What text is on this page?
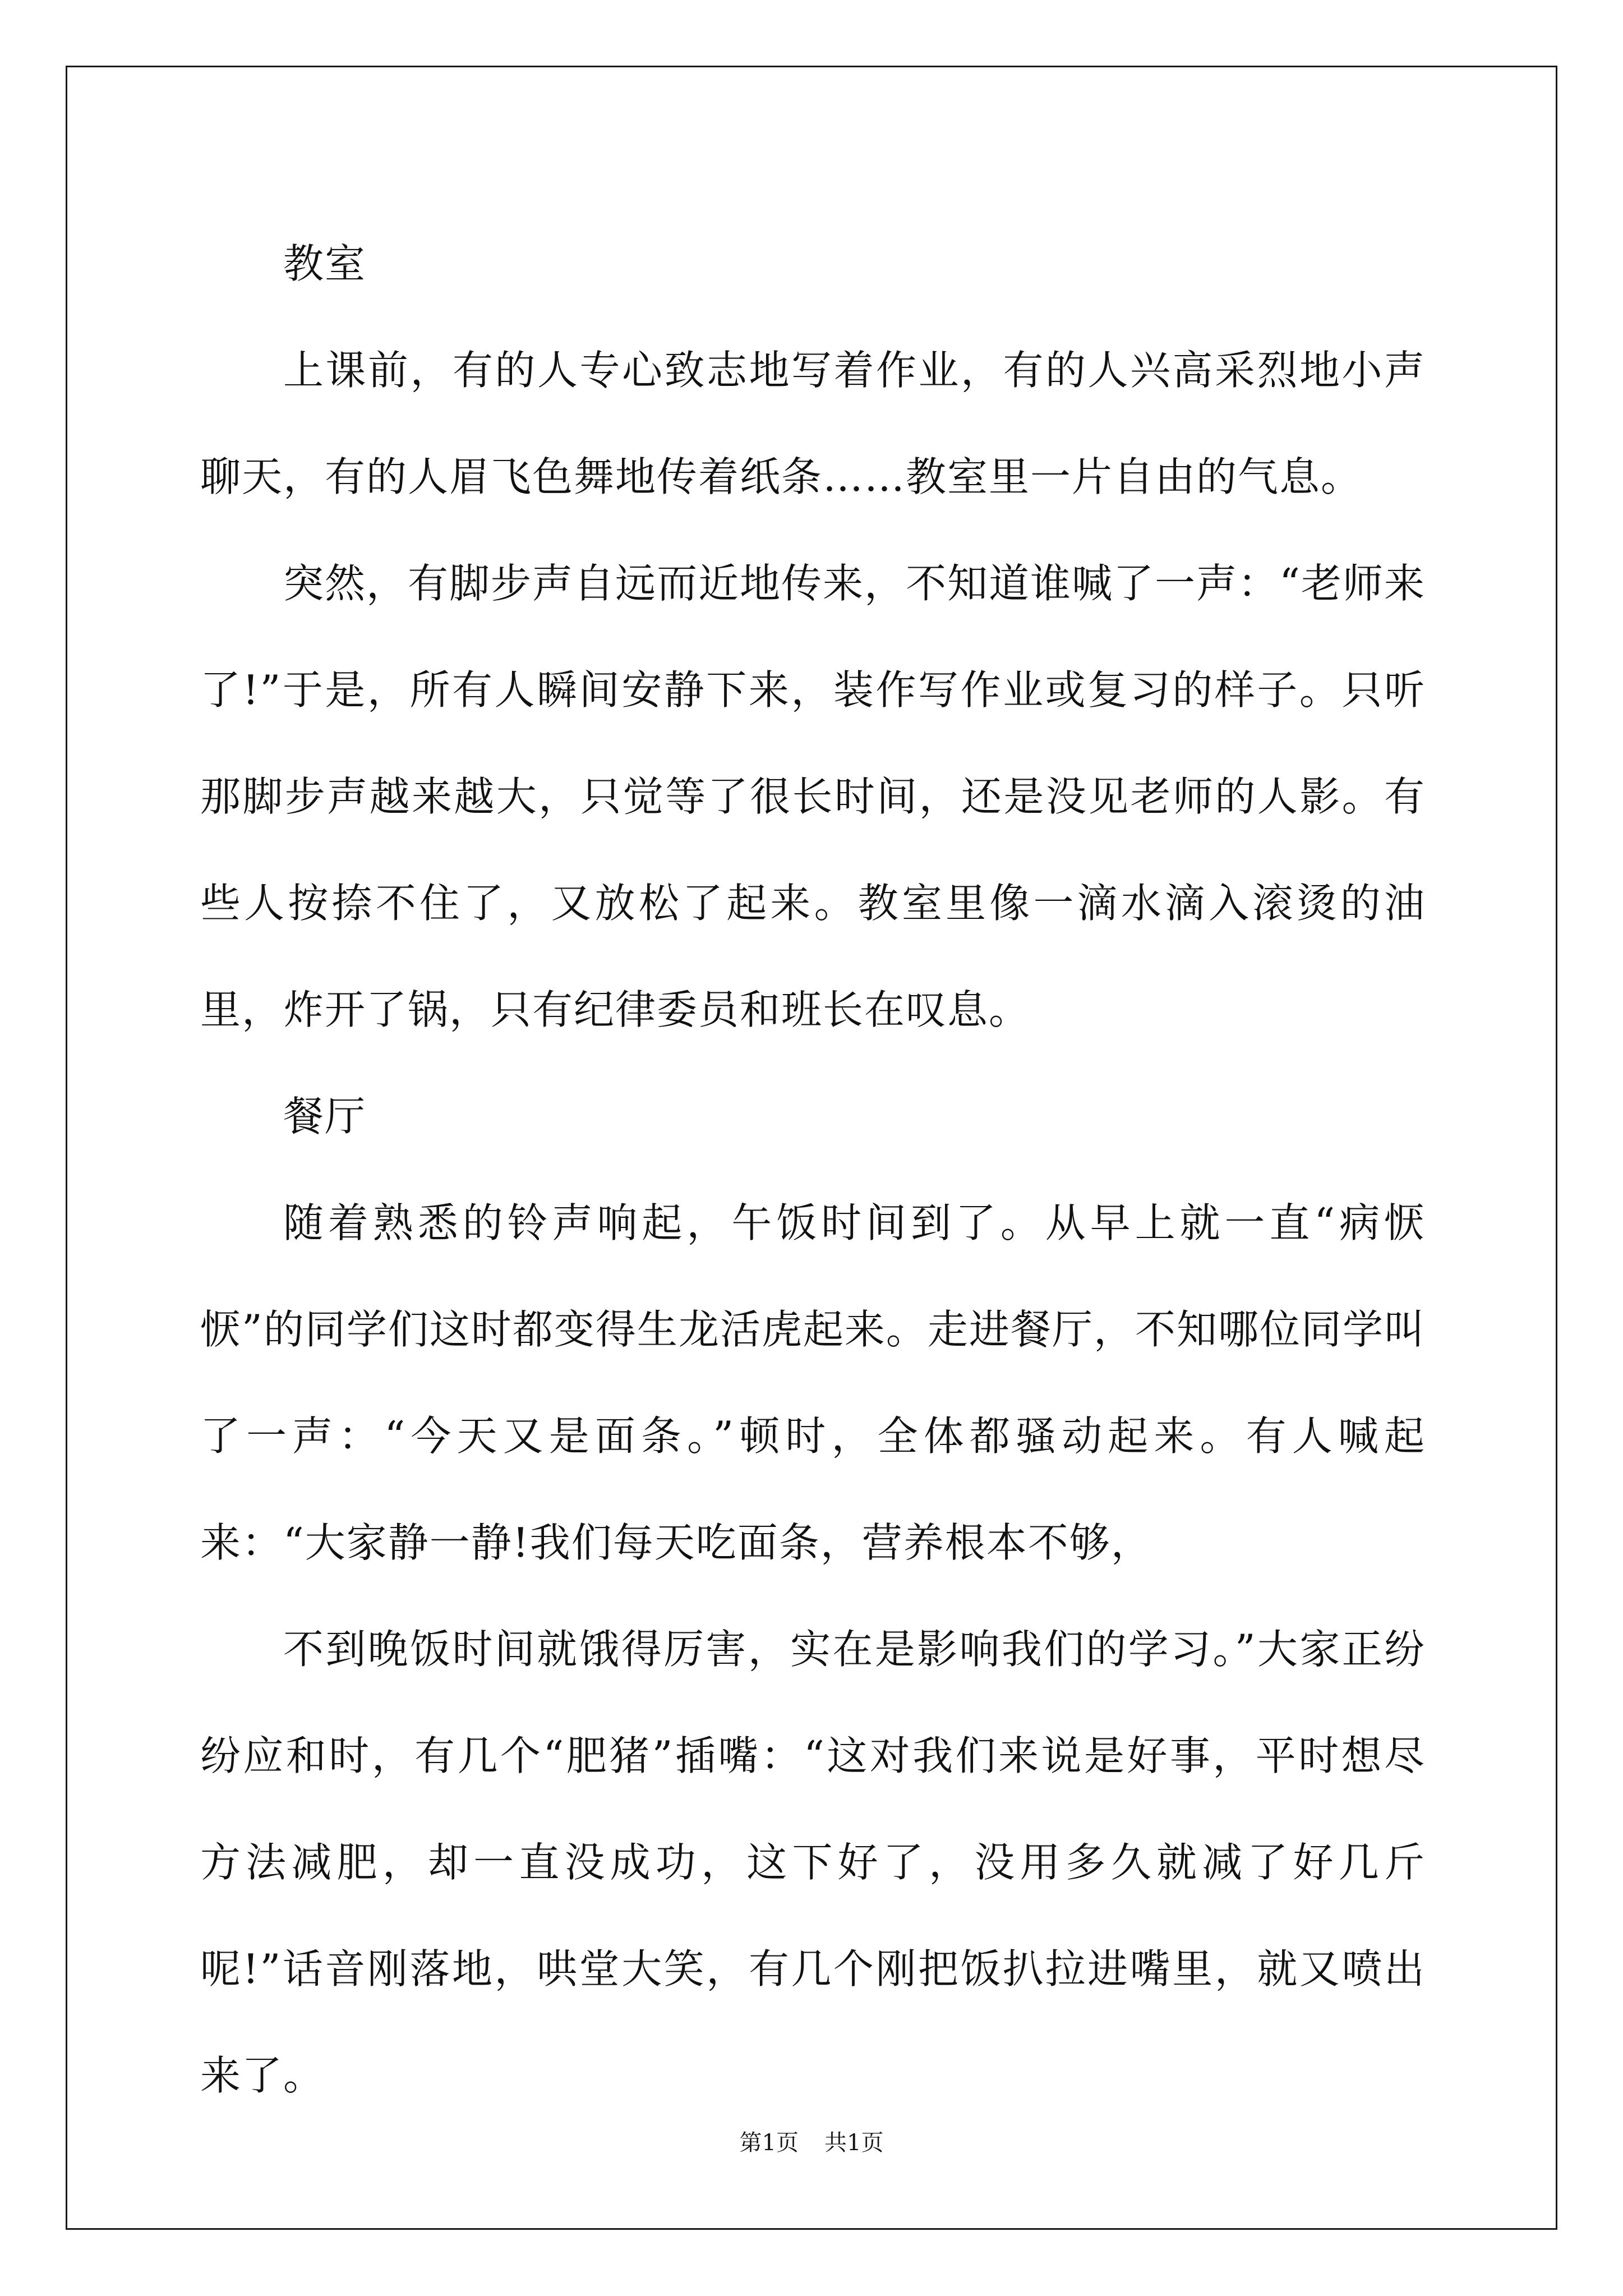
教室

上课前，有的人专心致志地写着作业，有的人兴高采烈地小声聊天，有的人眉飞色舞地传着纸条……教室里一片自由的气息。

突然，有脚步声自远而近地传来，不知道谁喊了一声：“老师来了!”于是，所有人瞬间安静下来，装作写作业或复习的样子。只听那脚步声越来越大，只觉等了很长时间，还是没见老师的人影。有些人按捺不住了，又放松了起来。教室里像一滴水滴入滚烫的油里，炸开了锅，只有纪律委员和班长在叹息。

餐厅

随着熟悉的铃声响起，午饭时间到了。从早上就一直“病恹恹”的同学们这时都变得生龙活虎起来。走进餐厅，不知哪位同学叫了一声：“今天又是面条。”顿时，全体都骚动起来。有人喊起来：“大家静一静!我们每天吃面条，营养根本不够，

不到晚饭时间就饿得厉害，实在是影响我们的学习。”大家正纷纷应和时，有几个“肥猪”插嘴：“这对我们来说是好事，平时想尽方法减肥，却一直没成功，这下好了，没用多久就减了好几斤呢!”话音刚落地，哄堂大笑，有几个刚把饭扒拉进嘴里，就又喷出来了。

第1页 共1页
